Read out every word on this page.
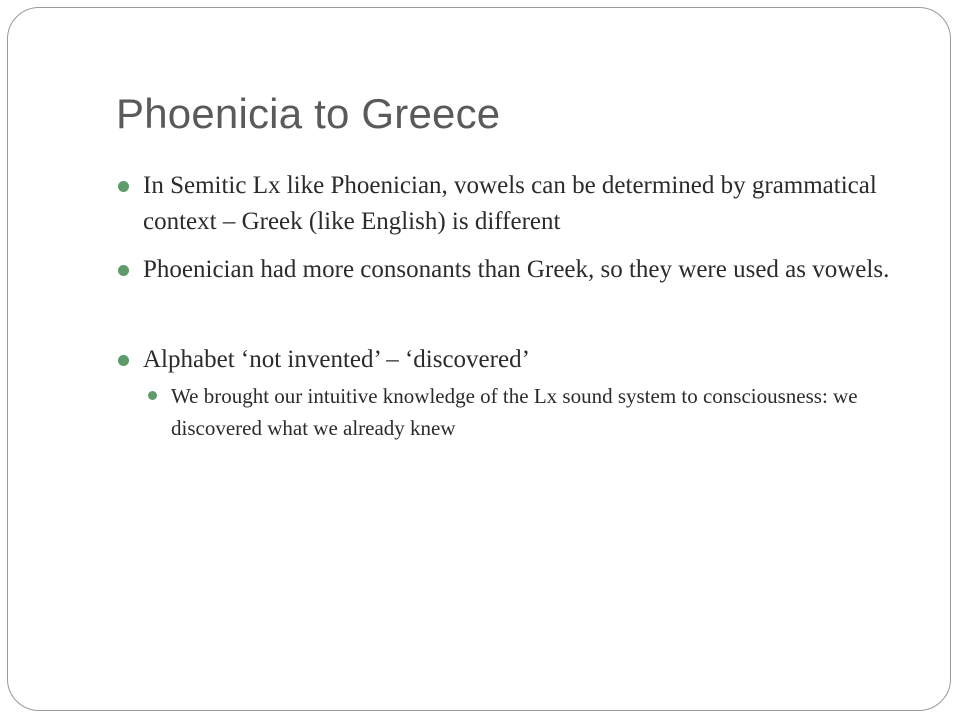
Phoenicia to Greece
In Semitic Lx like Phoenician, vowels can be determined by grammatical context – Greek (like English) is different
Phoenician had more consonants than Greek, so they were used as vowels.
Alphabet ‘not invented’ – ‘discovered’
We brought our intuitive knowledge of the Lx sound system to consciousness: we discovered what we already knew
